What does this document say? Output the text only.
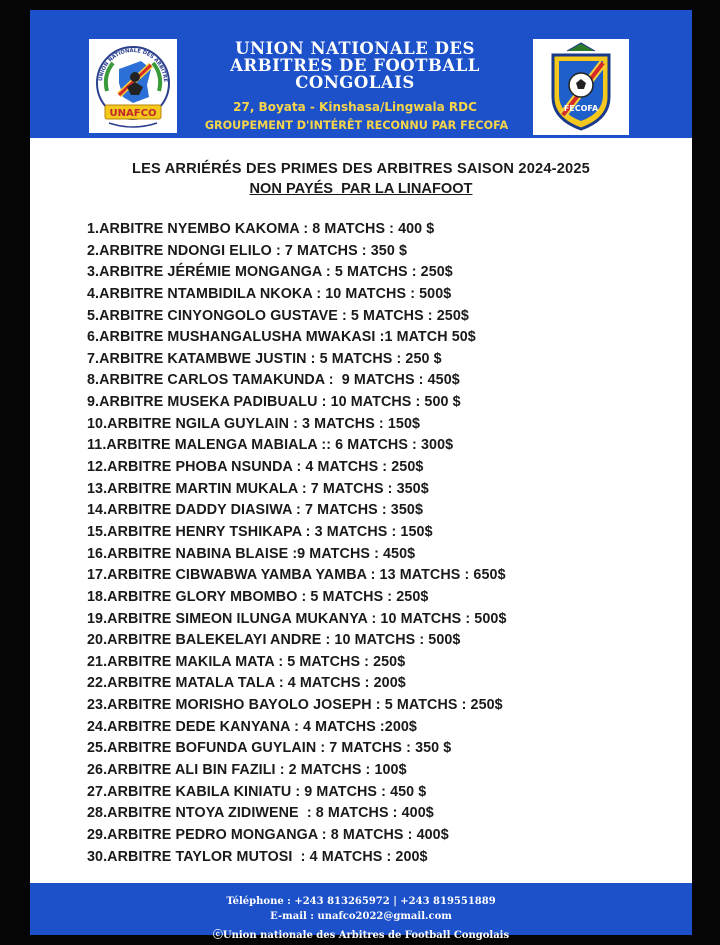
UNION NATIONALE DES ARBITRE
UNAFCO
UNION NATIONALE DES
ARBITRES DE FOOTBALL
CONGOLAIS
27, Boyata - Kinshasa/Lingwala RDC
GROUPEMENT D'INTÉRÊT RECONNU PAR FECOFA
FECOFA
LES ARRIÉRÉS DES PRIMES DES ARBITRES SAISON 2024-2025
NON PAYÉS  PAR LA LINAFOOT
1.ARBITRE NYEMBO KAKOMA : 8 MATCHS : 400 $
2.ARBITRE NDONGI ELILO : 7 MATCHS : 350 $
3.ARBITRE JÉRÉMIE MONGANGA : 5 MATCHS : 250$
4.ARBITRE NTAMBIDILA NKOKA : 10 MATCHS : 500$
5.ARBITRE CINYONGOLO GUSTAVE : 5 MATCHS : 250$
6.ARBITRE MUSHANGALUSHA MWAKASI :1 MATCH 50$
7.ARBITRE KATAMBWE JUSTIN : 5 MATCHS : 250 $
8.ARBITRE CARLOS TAMAKUNDA :  9 MATCHS : 450$
9.ARBITRE MUSEKA PADIBUALU : 10 MATCHS : 500 $
10.ARBITRE NGILA GUYLAIN : 3 MATCHS : 150$
11.ARBITRE MALENGA MABIALA :: 6 MATCHS : 300$
12.ARBITRE PHOBA NSUNDA : 4 MATCHS : 250$
13.ARBITRE MARTIN MUKALA : 7 MATCHS : 350$
14.ARBITRE DADDY DIASIWA : 7 MATCHS : 350$
15.ARBITRE HENRY TSHIKAPA : 3 MATCHS : 150$
16.ARBITRE NABINA BLAISE :9 MATCHS : 450$
17.ARBITRE CIBWABWA YAMBA YAMBA : 13 MATCHS : 650$
18.ARBITRE GLORY MBOMBO : 5 MATCHS : 250$
19.ARBITRE SIMEON ILUNGA MUKANYA : 10 MATCHS : 500$
20.ARBITRE BALEKELAYI ANDRE : 10 MATCHS : 500$
21.ARBITRE MAKILA MATA : 5 MATCHS : 250$
22.ARBITRE MATALA TALA : 4 MATCHS : 200$
23.ARBITRE MORISHO BAYOLO JOSEPH : 5 MATCHS : 250$
24.ARBITRE DEDE KANYANA : 4 MATCHS :200$
25.ARBITRE BOFUNDA GUYLAIN : 7 MATCHS : 350 $
26.ARBITRE ALI BIN FAZILI : 2 MATCHS : 100$
27.ARBITRE KABILA KINIATU : 9 MATCHS : 450 $
28.ARBITRE NTOYA ZIDIWENE  : 8 MATCHS : 400$
29.ARBITRE PEDRO MONGANGA : 8 MATCHS : 400$
30.ARBITRE TAYLOR MUTOSI  : 4 MATCHS : 200$
Téléphone : +243 813265972 | +243 819551889
E-mail : unafco2022@gmail.com
ⓒUnion nationale des Arbitres de Football Congolais
